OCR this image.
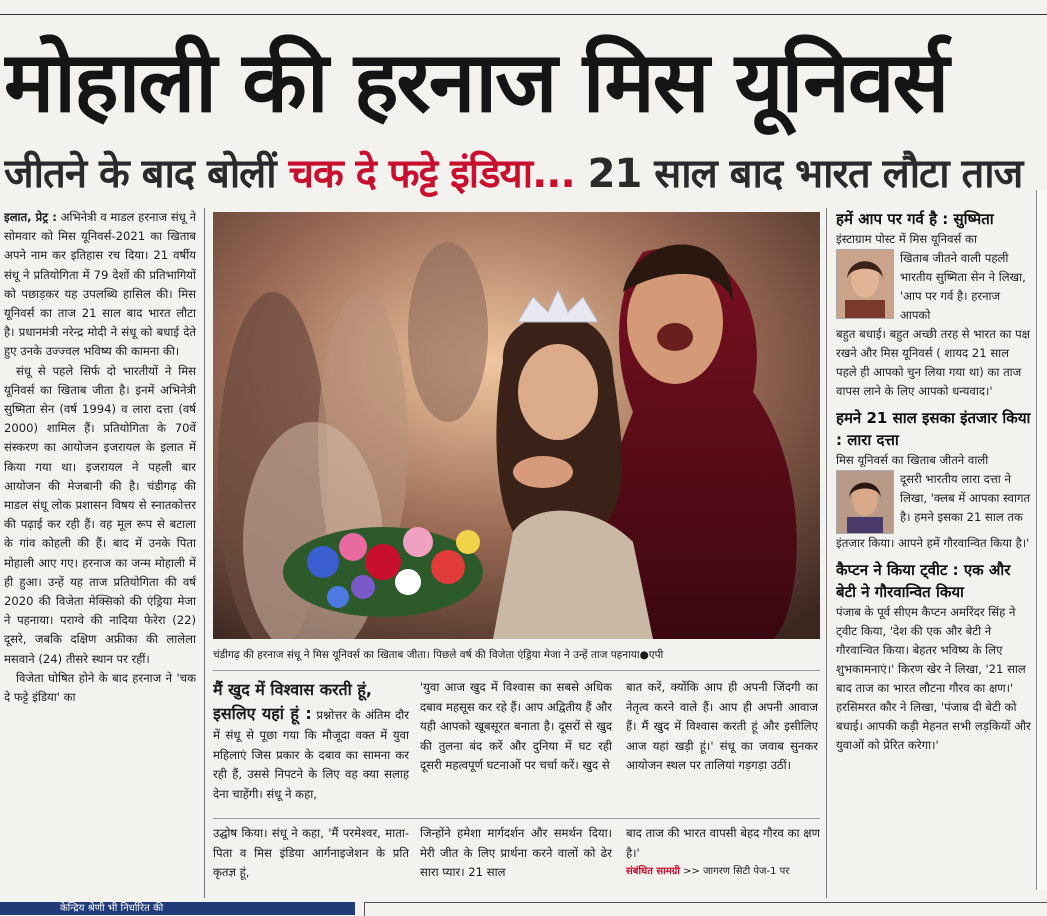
मोहाली की हरनाज मिस यूनिवर्स
जीतने के बाद बोलीं चक दे फट्टे इंडिया... 21 साल बाद भारत लौटा ताज

इलात, प्रेट्र : अभिनेत्री व माडल हरनाज संधू ने सोमवार को मिस यूनिवर्स-2021 का खिताब अपने नाम कर इतिहास रच दिया। 21 वर्षीय संधू ने प्रतियोगिता में 79 देशों की प्रतिभागियों को पछाड़कर यह उपलब्धि हासिल की। मिस यूनिवर्स का ताज 21 साल बाद भारत लौटा है। प्रधानमंत्री नरेन्द्र मोदी ने संधू को बधाई देते हुए उनके उज्ज्वल भविष्य की कामना की।

संधू से पहले सिर्फ दो भारतीयों ने मिस यूनिवर्स का खिताब जीता है। इनमें अभिनेत्री सुष्मिता सेन (वर्ष 1994) व लारा दत्ता (वर्ष 2000) शामिल हैं। प्रतियोगिता के 70वें संस्करण का आयोजन इजरायल के इलात में किया गया था। इजरायल ने पहली बार आयोजन की मेजबानी की है। चंडीगढ़ की माडल संधू लोक प्रशासन विषय से स्नातकोत्तर की पढ़ाई कर रही हैं। वह मूल रूप से बटाला के गांव कोहली की हैं। बाद में उनके पिता मोहाली आए गए। हरनाज का जन्म मोहाली में ही हुआ। उन्हें यह ताज प्रतियोगिता की वर्ष 2020 की विजेता मेक्सिको की एंड्रिया मेजा ने पहनाया। पराग्वे की नादिया फेरेरा (22) दूसरे, जबकि दक्षिण अफ्रीका की लालेला मसवाने (24) तीसरे स्थान पर रहीं।

विजेता घोषित होने के बाद हरनाज ने 'चक दे फट्टे इंडिया' का

चंडीगढ़ की हरनाज संधू ने मिस यूनिवर्स का खिताब जीता। पिछले वर्ष की विजेता एंड्रिया मेजा ने उन्हें ताज पहनाया●एपी
मैं खुद में विश्वास करती हूं,
इसलिए यहां हूं : प्रश्नोत्तर के अंतिम दौर में संधू से पूछा गया कि मौजूदा वक्त में युवा महिलाएं जिस प्रकार के दबाव का सामना कर रही हैं, उससे निपटने के लिए वह क्या सलाह देना चाहेंगी। संधू ने कहा,
'युवा आज खुद में विश्वास का सबसे अधिक दबाव महसूस कर रहे हैं। आप अद्वितीय हैं और यही आपको खूबसूरत बनाता है। दूसरों से खुद की तुलना बंद करें और दुनिया में घट रही दूसरी महत्वपूर्ण घटनाओं पर चर्चा करें। खुद से
बात करें, क्योंकि आप ही अपनी जिंदगी का नेतृत्व करने वाले हैं। आप ही अपनी आवाज हैं। मैं खुद में विश्वास करती हूं और इसीलिए आज यहां खड़ी हूं।' संधू का जवाब सुनकर आयोजन स्थल पर तालियां गड़गड़ा उठीं।
उद्घोष किया। संधू ने कहा, 'मैं परमेश्वर, माता-पिता व मिस इंडिया आर्गनाइजेशन के प्रति कृतज्ञ हूं,
जिन्होंने हमेशा मार्गदर्शन और समर्थन दिया। मेरी जीत के लिए प्रार्थना करने वालों को ढेर सारा प्यार। 21 साल
बाद ताज की भारत वापसी बेहद गौरव का क्षण है।'
संबंधित सामग्री >> जागरण सिटी पेज-1 पर
हमें आप पर गर्व है : सुष्मिता
इंस्टाग्राम पोस्ट में मिस यूनिवर्स का
खिताब जीतने वाली पहली भारतीय सुष्मिता सेन ने लिखा, 'आप पर गर्व है। हरनाज आपको
बहुत बधाई। बहुत अच्छी तरह से भारत का पक्ष रखने और मिस यूनिवर्स ( शायद 21 साल पहले ही आपको चुन लिया गया था) का ताज वापस लाने के लिए आपको धन्यवाद।'
हमने 21 साल इसका इंतजार किया : लारा दत्ता
मिस यूनिवर्स का खिताब जीतने वाली
दूसरी भारतीय लारा दत्ता ने लिखा, 'क्लब में आपका स्वागत है। हमने इसका 21 साल तक
इंतजार किया। आपने हमें गौरवान्वित किया है।'
कैप्टन ने किया ट्वीट : एक और बेटी ने गौरवान्वित किया
पंजाब के पूर्व सीएम कैप्टन अमरिंदर सिंह ने ट्वीट किया, 'देश की एक और बेटी ने गौरवान्वित किया। बेहतर भविष्य के लिए शुभकामनाएं।' किरण खेर ने लिखा, '21 साल बाद ताज का भारत लौटना गौरव का क्षण।' हरसिमरत कौर ने लिखा, 'पंजाब दी बेटी को बधाई। आपकी कड़ी मेहनत सभी लड़कियों और युवाओं को प्रेरित करेगा।'
केन्द्रिय श्रेणी भी निर्धारित की
